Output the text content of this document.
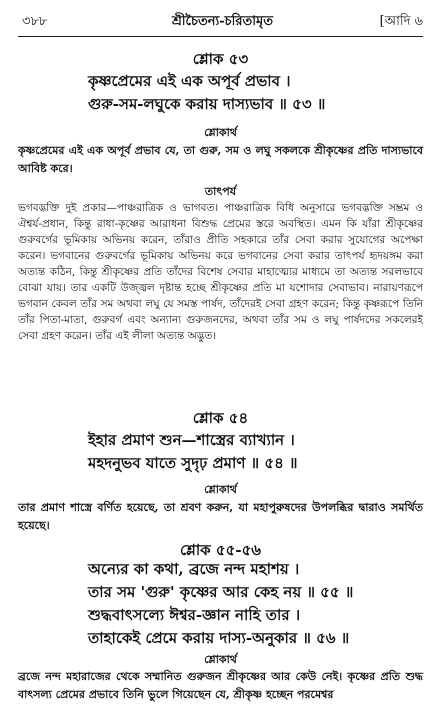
৩৮৮	শ্রীচৈতন্য-চরিতামৃত	[আদি ৬
শ্লোক ৫৩
কৃষ্ণপ্রেমের এই এক অপূর্ব প্রভাব ।
গুরু-সম-লঘুকে করায় দাস্যভাব ॥ ৫৩ ॥
শ্লোকার্থ
কৃষ্ণপ্রেমের এই এক অপূর্ব প্রভাব যে, তা গুরু, সম ও লঘু সকলকে শ্রীকৃষ্ণের প্রতি দাস্যভাবে আবিষ্ট করে।
তাৎপর্য
ভগবদ্ভক্তি দুই প্রকার—পাঞ্চরাত্রিক ও ভাগবত। পাঞ্চরাত্রিক বিধি অনুসারে ভগবদ্ভক্তি সম্ভ্রম ও ঐশ্বর্য-প্রধান, কিন্তু রাধা-কৃষ্ণের আরাধনা বিশুদ্ধ প্রেমের স্তরে অবস্থিত। এমন কি যাঁরা শ্রীকৃষ্ণের গুরুবর্গের ভূমিকায় অভিনয় করেন, তাঁরাও প্রীতি সহকারে তাঁর সেবা করার সুযোগের অপেক্ষা করেন। ভগবানের গুরুবর্গের ভূমিকায় অভিনয় করে ভগবানের সেবা করার তাৎপর্য হৃদয়ঙ্গম করা অত্যন্ত কঠিন, কিন্তু শ্রীকৃষ্ণের প্রতি তাঁদের বিশেষ সেবার মাহাত্ম্যের মাধ্যমে তা অত্যন্ত সরলভাবে বোঝা যায়। তার একটি উজ্জ্বল দৃষ্টান্ত হচ্ছে শ্রীকৃষ্ণের প্রতি মা যশোদার সেবাভাব। নারায়ণরূপে ভগবান কেবল তাঁর সম অথবা লঘু যে সমস্ত পার্ষদ, তাঁদেরই সেবা গ্রহণ করেন; কিন্তু কৃষ্ণরূপে তিনি তাঁর পিতা-মাতা, গুরুবর্গ এবং অন্যান্য গুরুজনদের, অথবা তাঁর সম ও লঘু পার্ষদদের সকলেরই সেবা গ্রহণ করেন। তাঁর এই লীলা অত্যন্ত অদ্ভুত।
শ্লোক ৫৪
ইহার প্রমাণ শুন—শাস্ত্রের ব্যাখ্যান ।
মহদনুভব যাতে সুদৃঢ় প্রমাণ ॥ ৫৪ ॥
শ্লোকার্থ
তার প্রমাণ শাস্ত্রে বর্ণিত হয়েছে, তা শ্রবণ করুন, যা মহাপুরুষদের উপলব্ধির দ্বারাও সমর্থিত হয়েছে।
শ্লোক ৫৫-৫৬
অন্যের কা কথা, ব্রজে নন্দ মহাশয় ।
তার সম 'গুরু' কৃষ্ণের আর কেহ নয় ॥ ৫৫ ॥
শুদ্ধবাৎসল্যে ঈশ্বর-জ্ঞান নাহি তার ।
তাহাকেই প্রেমে করায় দাস্য-অনুকার ॥ ৫৬ ॥
শ্লোকার্থ
ব্রজে নন্দ মহারাজের থেকে সম্মানিত গুরুজন শ্রীকৃষ্ণের আর কেউ নেই। কৃষ্ণের প্রতি শুদ্ধ বাৎসল্য প্রেমের প্রভাবে তিনি ভুলে গিয়েছেন যে, শ্রীকৃষ্ণ হচ্ছেন পরমেশ্বর
